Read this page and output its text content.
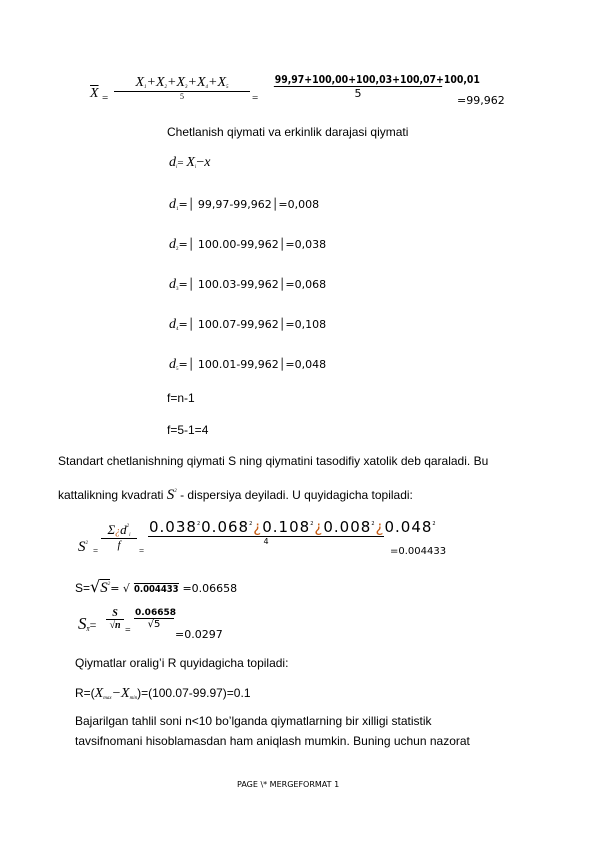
$\overline{X}$ =
$X_1+X_2+X_3+X_4+X_5$
5	= $\frac{99,97+100,00+100,03+100,07+100,01}{5}$
=99,962
Chetlanish qiymati va erkinlik darajasi qiymati
$d_i= X_i-x$
$d_1=│$ 99,97-99,962│=0,008
$d_2=│$ 100.00-99,962│=0,038
$d_3=│$ 100.03-99,962│=0,068
$d_4=│$ 100.07-99,962│=0,108
$d_5=│$ 100.01-99,962│=0,048
f=n-1
f=5-1=4
Standart chetlanishning qiymati S ning qiymatini tasodifiy xatolik deb qaraladi. Bu
kattalikning kvadrati $S^2$ - dispersiya deyiladi. U quyidagicha topiladi:
$S^2$
=
$\Sigma¿d^2_i$
f	=
$0.038^20.068^2¿0.108^2¿0.008^2¿0.048^2$
4
=0.004433
$S=√S^2=$ √ 0.004433 =0.06658
$S_{x̄}= \frac{S}{√n}$ =
$\frac{0.06658}{√5}$
=0.0297
Qiymatlar oralig’i R quyidagicha topiladi:
$R=(X_{max}-X_{min})=(100.07-99.97)=0.1$
Bajarilgan tahlil soni n<10 bo’lganda qiymatlarning bir xilligi statistik
tavsifnomani hisoblamasdan ham aniqlash mumkin. Buning uchun nazorat
PAGE \* MERGEFORMAT 1
